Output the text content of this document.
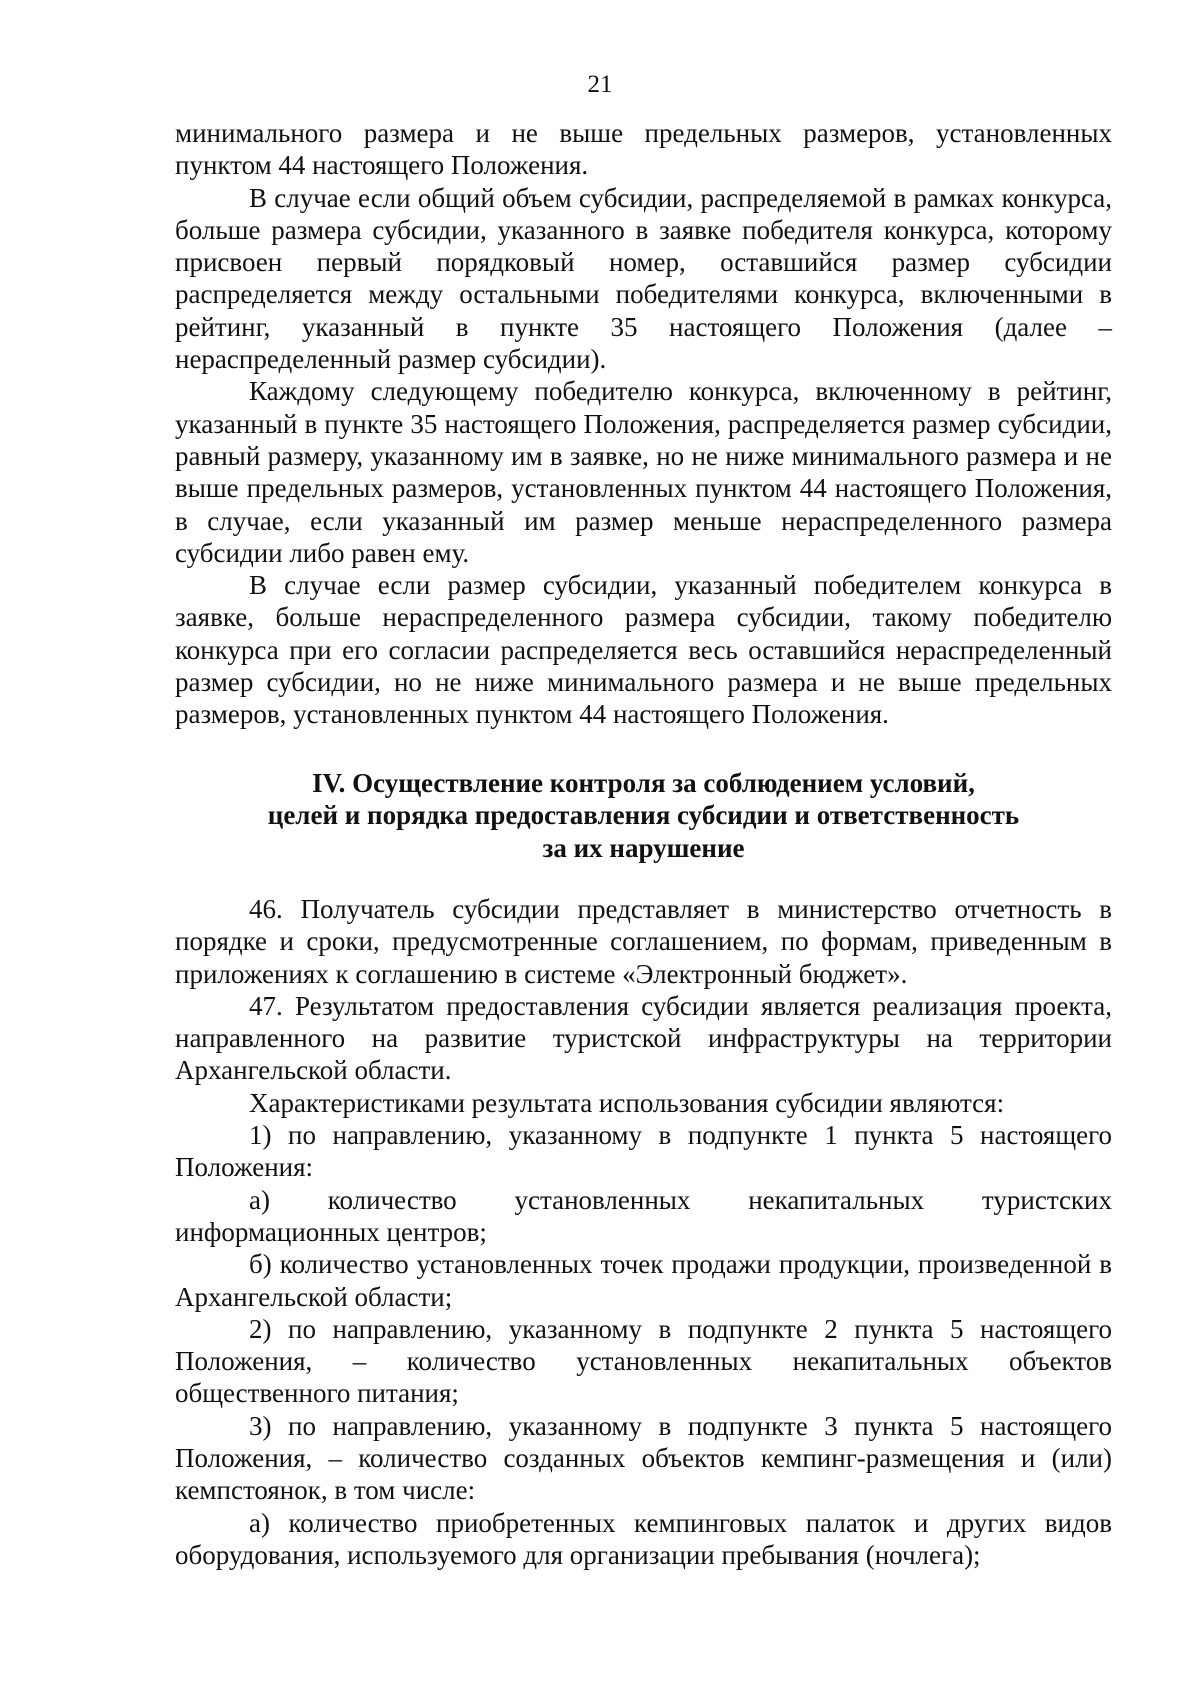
21

минимального размера и не выше предельных размеров, установленных пунктом 44 настоящего Положения.

В случае если общий объем субсидии, распределяемой в рамках конкурса, больше размера субсидии, указанного в заявке победителя конкурса, которому присвоен первый порядковый номер, оставшийся размер субсидии распределяется между остальными победителями конкурса, включенными в рейтинг, указанный в пункте 35 настоящего Положения (далее – нераспределенный размер субсидии).

Каждому следующему победителю конкурса, включенному в рейтинг, указанный в пункте 35 настоящего Положения, распределяется размер субсидии, равный размеру, указанному им в заявке, но не ниже минимального размера и не выше предельных размеров, установленных пунктом 44 настоящего Положения, в случае, если указанный им размер меньше нераспределенного размера субсидии либо равен ему.

В случае если размер субсидии, указанный победителем конкурса в заявке, больше нераспределенного размера субсидии, такому победителю конкурса при его согласии распределяется весь оставшийся нераспределенный размер субсидии, но не ниже минимального размера и не выше предельных размеров, установленных пунктом 44 настоящего Положения.

IV. Осуществление контроля за соблюдением условий,
целей и порядка предоставления субсидии и ответственность
за их нарушение

46. Получатель субсидии представляет в министерство отчетность в порядке и сроки, предусмотренные соглашением, по формам, приведенным в приложениях к соглашению в системе «Электронный бюджет».

47. Результатом предоставления субсидии является реализация проекта, направленного на развитие туристской инфраструктуры на территории Архангельской области.

Характеристиками результата использования субсидии являются:

1) по направлению, указанному в подпункте 1 пункта 5 настоящего Положения:

а) количество установленных некапитальных туристских информационных центров;

б) количество установленных точек продажи продукции, произведенной в Архангельской области;

2) по направлению, указанному в подпункте 2 пункта 5 настоящего Положения, – количество установленных некапитальных объектов общественного питания;

3) по направлению, указанному в подпункте 3 пункта 5 настоящего Положения, – количество созданных объектов кемпинг-размещения и (или) кемпстоянок, в том числе:

а) количество приобретенных кемпинговых палаток и других видов оборудования, используемого для организации пребывания (ночлега);
